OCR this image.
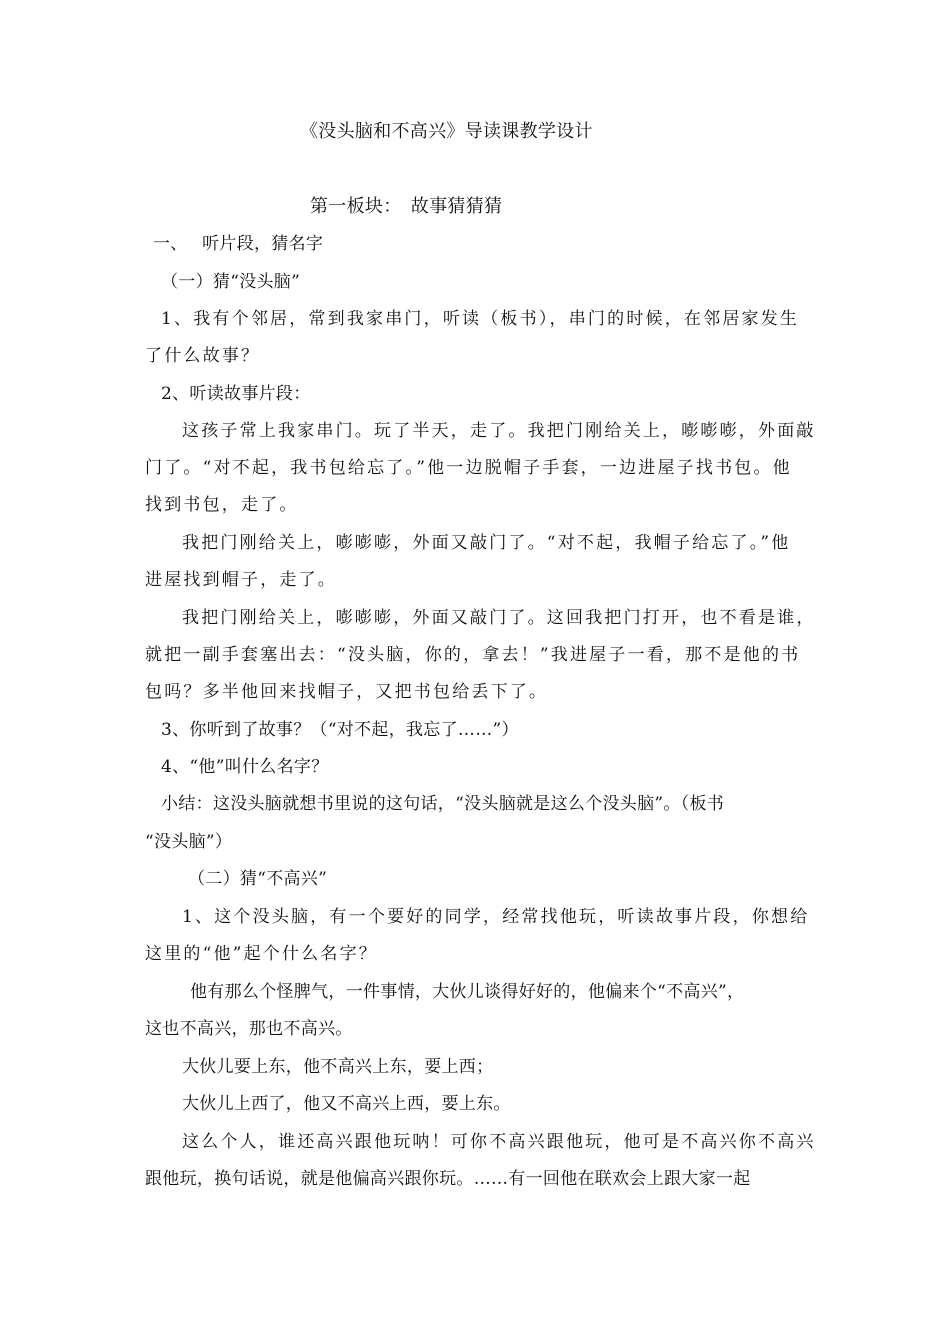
《没头脑和不高兴》导读课教学设计
第一板块：　故事猜猜猜
一、　 听片段，猜名字
（一）猜“没头脑”
1、我有个邻居，常到我家串门，听读（板书），串门的时候，在邻居家发生
了什么故事？
2、听读故事片段：
这孩子常上我家串门。玩了半天，走了。我把门刚给关上，嘭嘭嘭，外面敲
门了。“对不起，我书包给忘了。”他一边脱帽子手套，一边进屋子找书包。他
找到书包，走了。
我把门刚给关上，嘭嘭嘭，外面又敲门了。“对不起，我帽子给忘了。”他
进屋找到帽子，走了。
我把门刚给关上，嘭嘭嘭，外面又敲门了。这回我把门打开，也不看是谁，
就把一副手套塞出去：“没头脑，你的，拿去！”我进屋子一看，那不是他的书
包吗？多半他回来找帽子，又把书包给丢下了。
3、你听到了故事？（“对不起，我忘了……”）
4、“他”叫什么名字？
小结：这没头脑就想书里说的这句话，“没头脑就是这么个没头脑”。（板书
“没头脑”）
（二）猜“不高兴”
1、这个没头脑，有一个要好的同学，经常找他玩，听读故事片段，你想给
这里的“他”起个什么名字？
他有那么个怪脾气，一件事情，大伙儿谈得好好的，他偏来个“不高兴”，
这也不高兴，那也不高兴。
大伙儿要上东，他不高兴上东，要上西；
大伙儿上西了，他又不高兴上西，要上东。
这么个人，谁还高兴跟他玩呐！可你不高兴跟他玩，他可是不高兴你不高兴
跟他玩，换句话说，就是他偏高兴跟你玩。……有一回他在联欢会上跟大家一起
